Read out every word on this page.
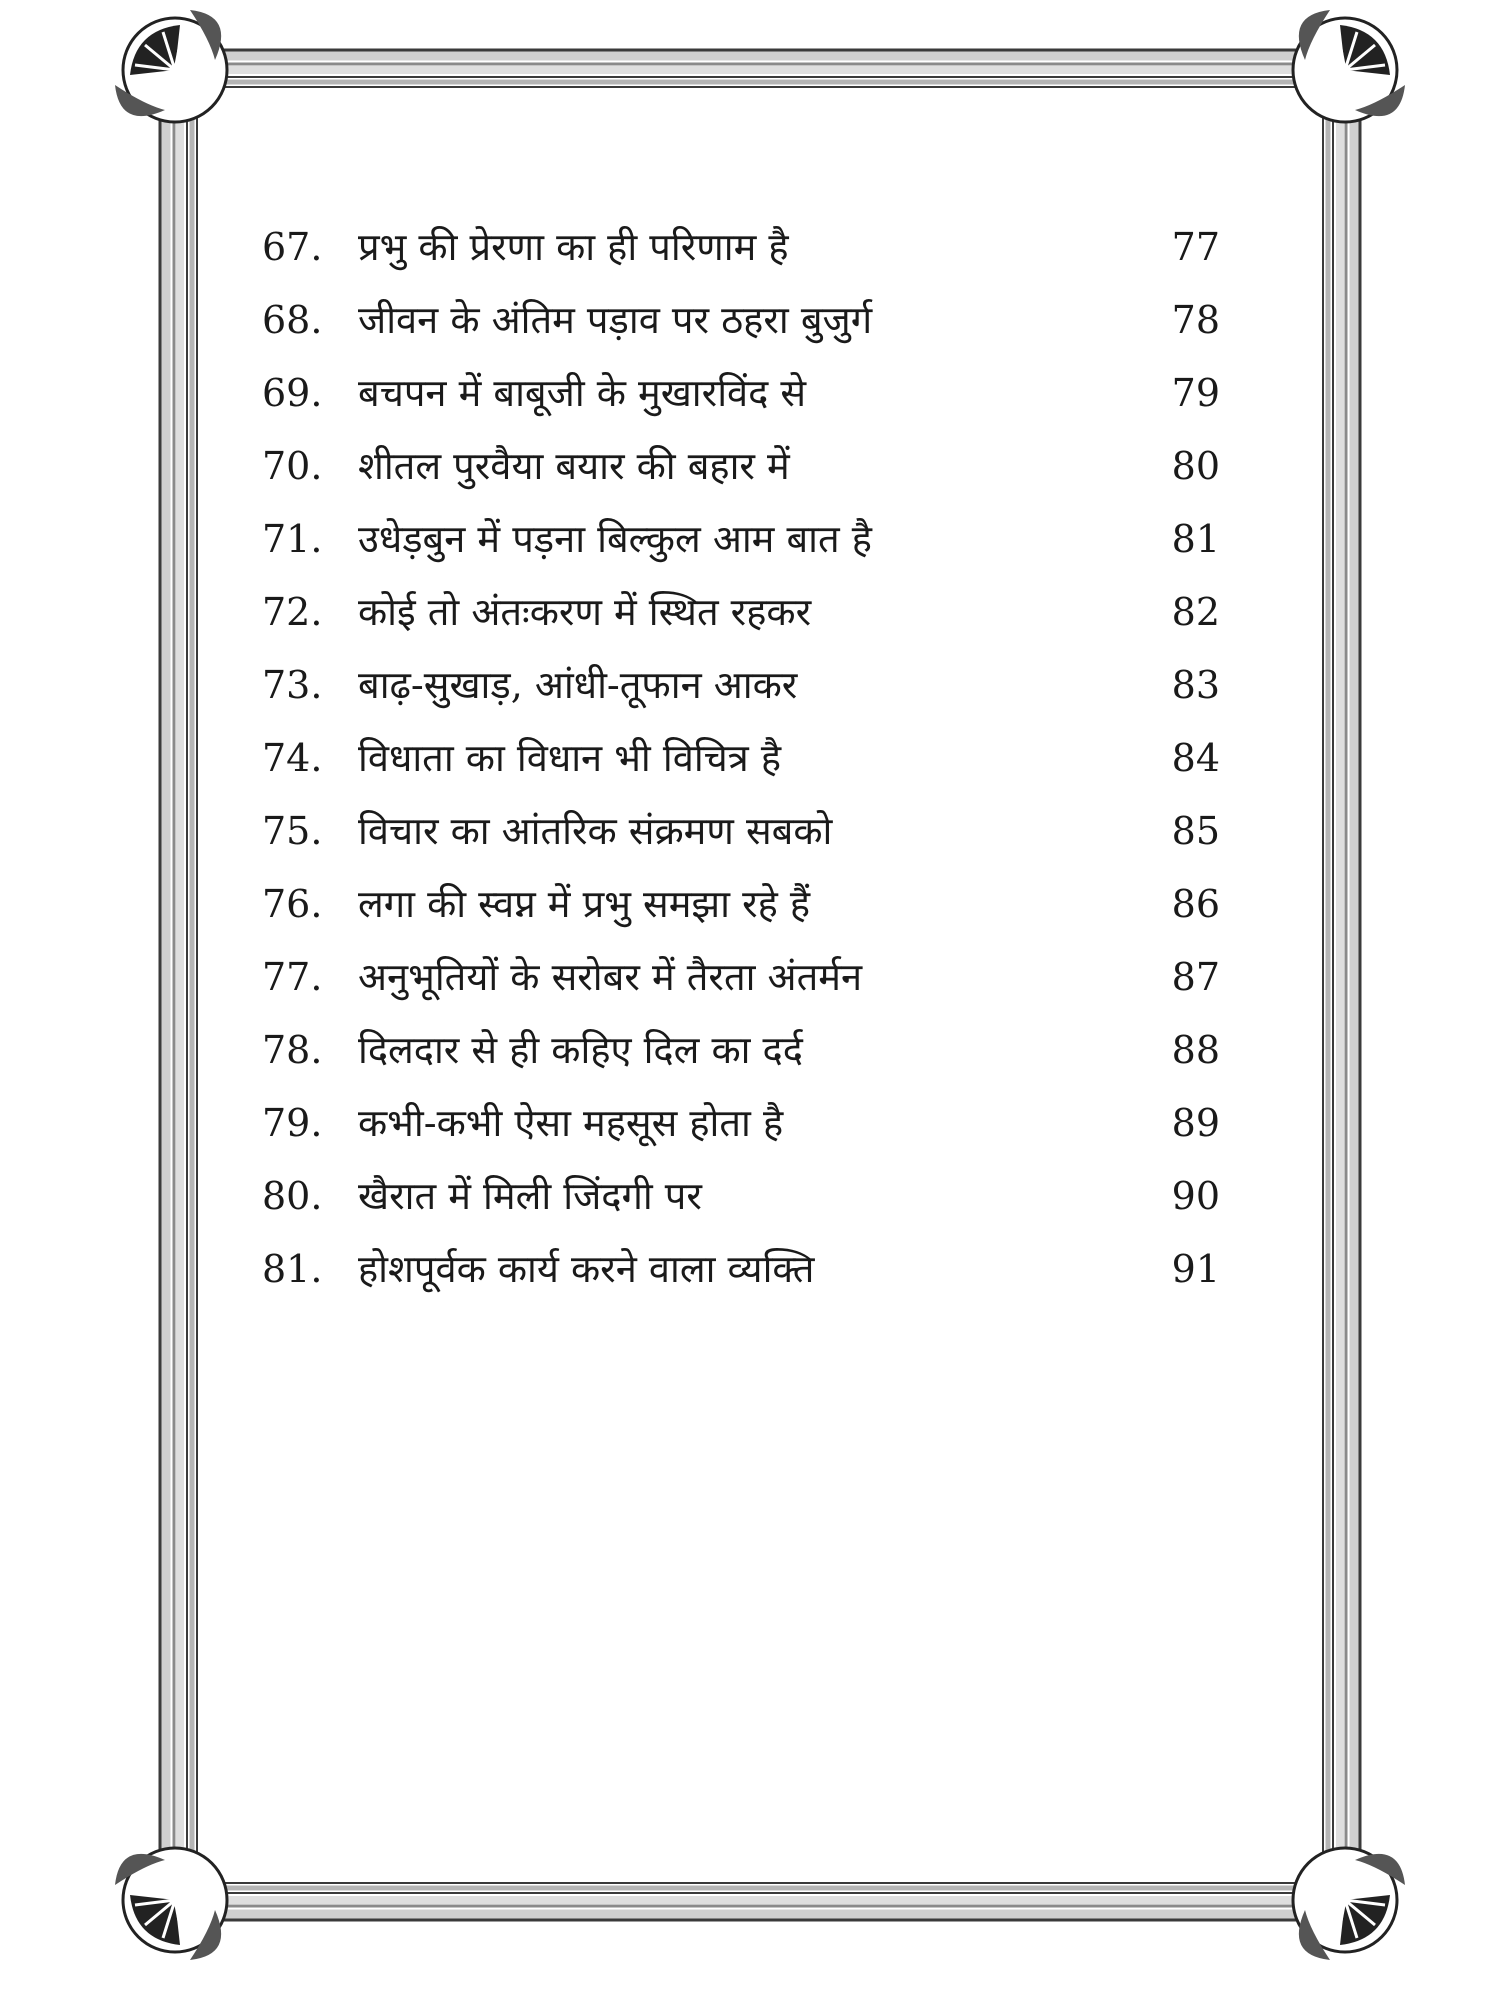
67. प्रभु की प्रेरणा का ही परिणाम है	77
68. जीवन के अंतिम पड़ाव पर ठहरा बुजुर्ग	78
69. बचपन में बाबूजी के मुखारविंद से	79
70. शीतल पुरवैया बयार की बहार में	80
71. उधेड़बुन में पड़ना बिल्कुल आम बात है	81
72. कोई तो अंतःकरण में स्थित रहकर	82
73. बाढ़-सुखाड़, आंधी-तूफान आकर	83
74. विधाता का विधान भी विचित्र है	84
75. विचार का आंतरिक संक्रमण सबको	85
76. लगा की स्वप्न में प्रभु समझा रहे हैं	86
77. अनुभूतियों के सरोबर में तैरता अंतर्मन	87
78. दिलदार से ही कहिए दिल का दर्द	88
79. कभी-कभी ऐसा महसूस होता है	89
80. खैरात में मिली जिंदगी पर	90
81. होशपूर्वक कार्य करने वाला व्यक्ति	91
